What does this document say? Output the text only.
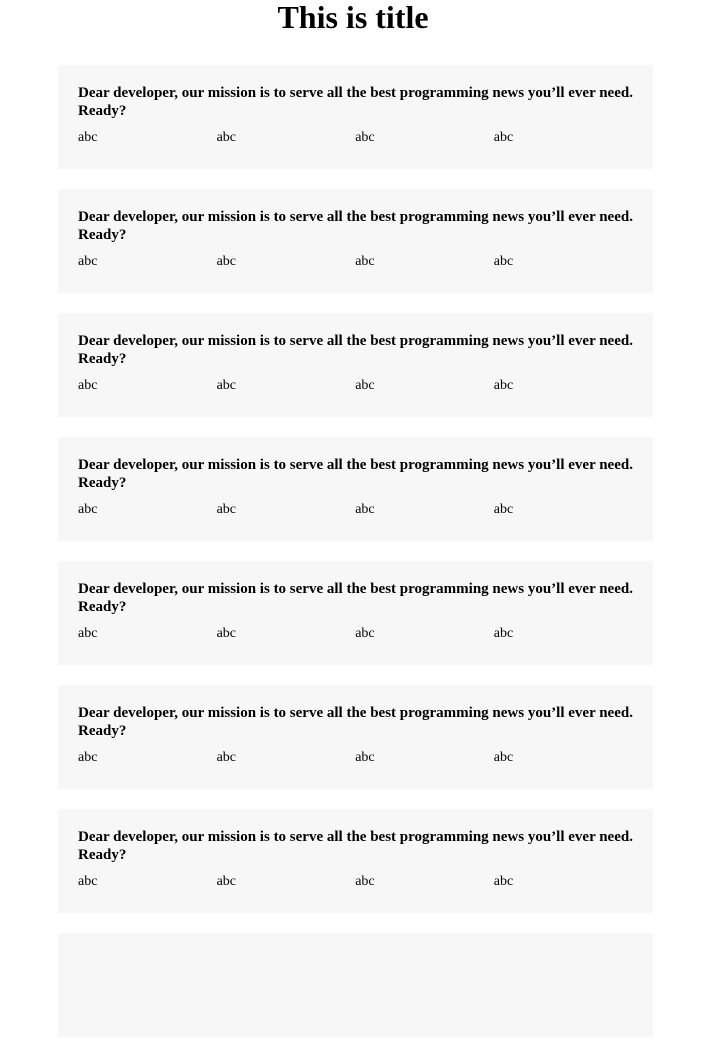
This is title

Dear developer, our mission is to serve all the best programming news you’ll ever need. Ready?

abc	abc	abc	abc

Dear developer, our mission is to serve all the best programming news you’ll ever need. Ready?

abc	abc	abc	abc

Dear developer, our mission is to serve all the best programming news you’ll ever need. Ready?

abc	abc	abc	abc

Dear developer, our mission is to serve all the best programming news you’ll ever need. Ready?

abc	abc	abc	abc

Dear developer, our mission is to serve all the best programming news you’ll ever need. Ready?

abc	abc	abc	abc

Dear developer, our mission is to serve all the best programming news you’ll ever need. Ready?

abc	abc	abc	abc

Dear developer, our mission is to serve all the best programming news you’ll ever need. Ready?

abc	abc	abc	abc
